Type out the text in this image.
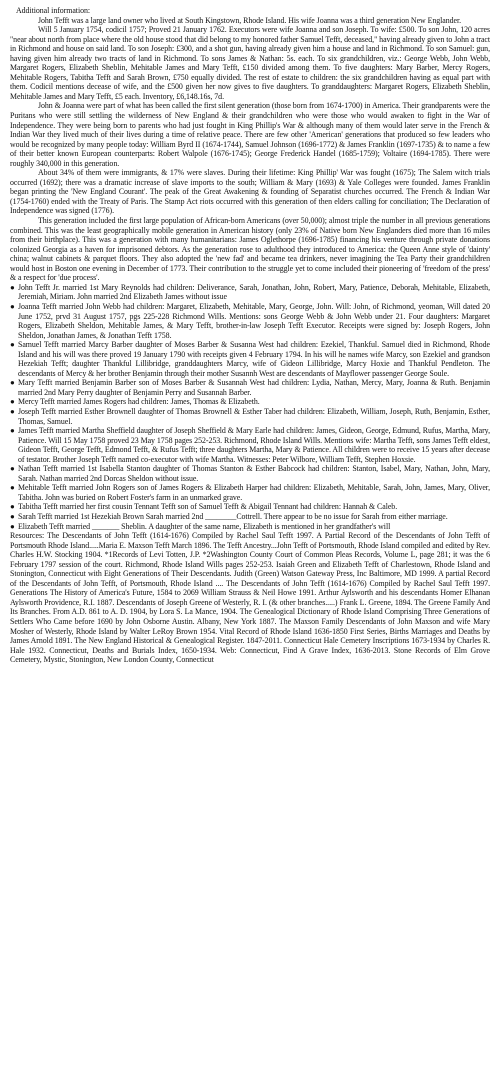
Additional information:

John Tefft was a large land owner who lived at South Kingstown, Rhode Island. His wife Joanna was a third generation New Englander.

Will 5 January 1754, codicil 1757; Proved 21 January 1762. Executors were wife Joanna and son Joseph. To wife: £500. To son John, 120 acres "near about north from place where the old house stood that did belong to my honored father Samuel Tefft, deceased," having already given to John a tract in Richmond and house on said land. To son Joseph: £300, and a shot gun, having already given him a house and land in Richmond. To son Samuel: gun, having given him already two tracts of land in Richmond. To sons James & Nathan: 5s. each. To six grandchildren, viz.: George Webb, John Webb, Margaret Rogers, Elizabeth Sheblin, Mehitable James and Mary Tefft, £150 divided among them. To five daughters: Mary Barber, Mercy Rogers, Mehitable Rogers, Tabitha Tefft and Sarah Brown, £750 equally divided. The rest of estate to children: the six grandchildren having as equal part with them. Codicil mentions decease of wife, and the £500 given her now gives to five daughters. To granddaughters: Margaret Rogers, Elizabeth Sheblin, Mehitable James and Mary Tefft, £5 each. Inventory, £6,148.16s, 7d.

John & Joanna were part of what has been called the first silent generation (those born from 1674-1700) in America. Their grandparents were the Puritans who were still settling the wilderness of New England & their grandchildren who were those who would awaken to fight in the War of Independence. They were being born to parents who had just fought in King Phillip's War & although many of them would later serve in the French & Indian War they lived much of their lives during a time of relative peace. There are few other 'American' generations that produced so few leaders who would be recognized by many people today: William Byrd II (1674-1744), Samuel Johnson (1696-1772) & James Franklin (1697-1735) & to name a few of their better known European counterparts: Robert Walpole (1676-1745); George Frederick Handel (1685-1759); Voltaire (1694-1785). There were roughly 340,000 in this generation.

About 34% of them were immigrants, & 17% were slaves. During their lifetime: King Phillip' War was fought (1675); The Salem witch trials occurred (1692); there was a dramatic increase of slave imports to the south; William & Mary (1693) & Yale Colleges were founded. James Franklin began printing the 'New England Courant'. The peak of the Great Awakening & founding of Separatist churches occurred. The French & Indian War (1754-1760) ended with the Treaty of Paris. The Stamp Act riots occurred with this generation of then elders calling for conciliation; The Declaration of Independence was signed (1776).

This generation included the first large population of African-born Americans (over 50,000); almost triple the number in all previous generations combined. This was the least geographically mobile generation in American history (only 23% of Native born New Englanders died more than 16 miles from their birthplace). This was a generation with many humanitarians: James Oglethorpe (1696-1785) financing his venture through private donations colonized Georgia as a haven for imprisoned debtors. As the generation rose to adulthood they introduced to America: the Queen Anne style of 'dainty' china; walnut cabinets & parquet floors. They also adopted the 'new fad' and became tea drinkers, never imagining the Tea Party their grandchildren would host in Boston one evening in December of 1773. Their contribution to the struggle yet to come included their pioneering of 'freedom of the press' & a respect for 'due process'.

● John Tefft Jr. married 1st Mary Reynolds had children: Deliverance, Sarah, Jonathan, John, Robert, Mary, Patience, Deborah, Mehitable, Elizabeth, Jeremiah, Miriam. John married 2nd Elizabeth James without issue
● Joanna Tefft married John Webb had children: Margaret, Elizabeth, Mehitable, Mary, George, John. Will: John, of Richmond, yeoman, Will dated 20 June 1752, prvd 31 August 1757, pgs 225-228 Richmond Wills. Mentions: sons George Webb & John Webb under 21. Four daughters: Margaret Rogers, Elizabeth Sheldon, Mehitable James, & Mary Tefft, brother-in-law Joseph Tefft Executor. Receipts were signed by: Joseph Rogers, John Sheldon, Jonathan James, & Jonathan Tefft 1758.
● Samuel Tefft married Marcy Barber daughter of Moses Barber & Susanna West had children: Ezekiel, Thankful. Samuel died in Richmond, Rhode Island and his will was there proved 19 January 1790 with receipts given 4 February 1794. In his will he names wife Marcy, son Ezekiel and grandson Hezekiah Tefft; daughter Thankful Lillibridge, granddaughters Marcy, wife of Gideon Lillibridge, Marcy Hoxie and Thankful Pendleton. The descendants of Mercy & her brother Benjamin through their mother Susannh West are descendants of Mayflower passenger George Soule.
● Mary Tefft married Benjamin Barber son of Moses Barber & Susannah West had children: Lydia, Nathan, Mercy, Mary, Joanna & Ruth. Benjamin married 2nd Mary Perry daughter of Benjamin Perry and Susannah Barber.
● Mercy Tefft married James Rogers had children: James, Thomas & Elizabeth.
● Joseph Tefft married Esther Brownell daughter of Thomas Brownell & Esther Taber had children: Elizabeth, William, Joseph, Ruth, Benjamin, Esther, Thomas, Samuel.
● James Tefft married Martha Sheffield daughter of Joseph Sheffield & Mary Earle had children: James, Gideon, George, Edmund, Rufus, Martha, Mary, Patience. Will 15 May 1758 proved 23 May 1758 pages 252-253. Richmond, Rhode Island Wills. Mentions wife: Martha Tefft, sons James Tefft eldest, Gideon Tefft, George Tefft, Edmond Tefft, & Rufus Tefft; three daughters Martha, Mary & Patience. All children were to receive 15 years after decease of testator. Brother Joseph Tefft named co-executor with wife Martha. Witnesses: Peter Wilbore, William Tefft, Stephen Hoxsie.
● Nathan Tefft married 1st Isabella Stanton daughter of Thomas Stanton & Esther Babcock had children: Stanton, Isabel, Mary, Nathan, John, Mary, Sarah. Nathan married 2nd Dorcas Sheldon without issue.
● Mehitable Tefft married John Rogers son of James Rogers & Elizabeth Harper had children: Elizabeth, Mehitable, Sarah, John, James, Mary, Oliver, Tabitha. John was buried on Robert Foster's farm in an unmarked grave.
● Tabitha Tefft married her first cousin Tennant Tefft son of Samuel Tefft & Abigail Tennant had children: Hannah & Caleb.
● Sarah Tefft married 1st Hezekiah Brown Sarah married 2nd ________Cottrell. There appear to be no issue for Sarah from either marriage.
● Elizabeth Tefft married _______ Sheblin. A daughter of the same name, Elizabeth is mentioned in her grandfather's will

Resources: The Descendants of John Tefft (1614-1676) Compiled by Rachel Saul Tefft 1997. A Partial Record of the Descendants of John Tefft of Portsmouth Rhode Island.....Maria E. Maxson Tefft March 1896. The Tefft Ancestry...John Tefft of Portsmouth, Rhode Island compiled and edited by Rev. Charles H.W. Stocking 1904. *1Records of Levi Totten, J.P. *2Washington County Court of Common Pleas Records, Volume L, page 281; it was the 6 February 1797 session of the court. Richmond, Rhode Island Wills pages 252-253. Isaiah Green and Elizabeth Tefft of Charlestown, Rhode Island and Stonington, Connecticut with Eight Generations of Their Descendants. Judith (Green) Watson Gateway Press, Inc Baltimore, MD 1999. A partial Record of the Descendants of John Tefft, of Portsmouth, Rhode Island .... The Descendants of John Tefft (1614-1676) Compiled by Rachel Saul Tefft 1997. Generations The History of America's Future, 1584 to 2069 William Strauss & Neil Howe 1991. Arthur Aylsworth and his descendants Homer Elhanan Aylsworth Providence, R.I. 1887. Descendants of Joseph Greene of Westerly, R. I. (& other branches.....) Frank L. Greene, 1894. The Greene Family And Its Branches. From A.D. 861 to A. D. 1904, by Lora S. La Mance, 1904. The Genealogical Dictionary of Rhode Island Comprising Three Generations of Settlers Who Came before 1690 by John Osborne Austin. Albany, New York 1887. The Maxson Family Descendants of John Maxson and wife Mary Mosher of Westerly, Rhode Island by Walter LeRoy Brown 1954. Vital Record of Rhode Island 1636-1850 First Series, Births Marriages and Deaths by James Arnold 1891. The New England Historical & Genealogical Register. 1847-2011. Connecticut Hale Cemetery Inscriptions 1673-1934 by Charles R. Hale 1932. Connecticut, Deaths and Burials Index, 1650-1934. Web: Connecticut, Find A Grave Index, 1636-2013. Stone Records of Elm Grove Cemetery, Mystic, Stonington, New London County, Connecticut
